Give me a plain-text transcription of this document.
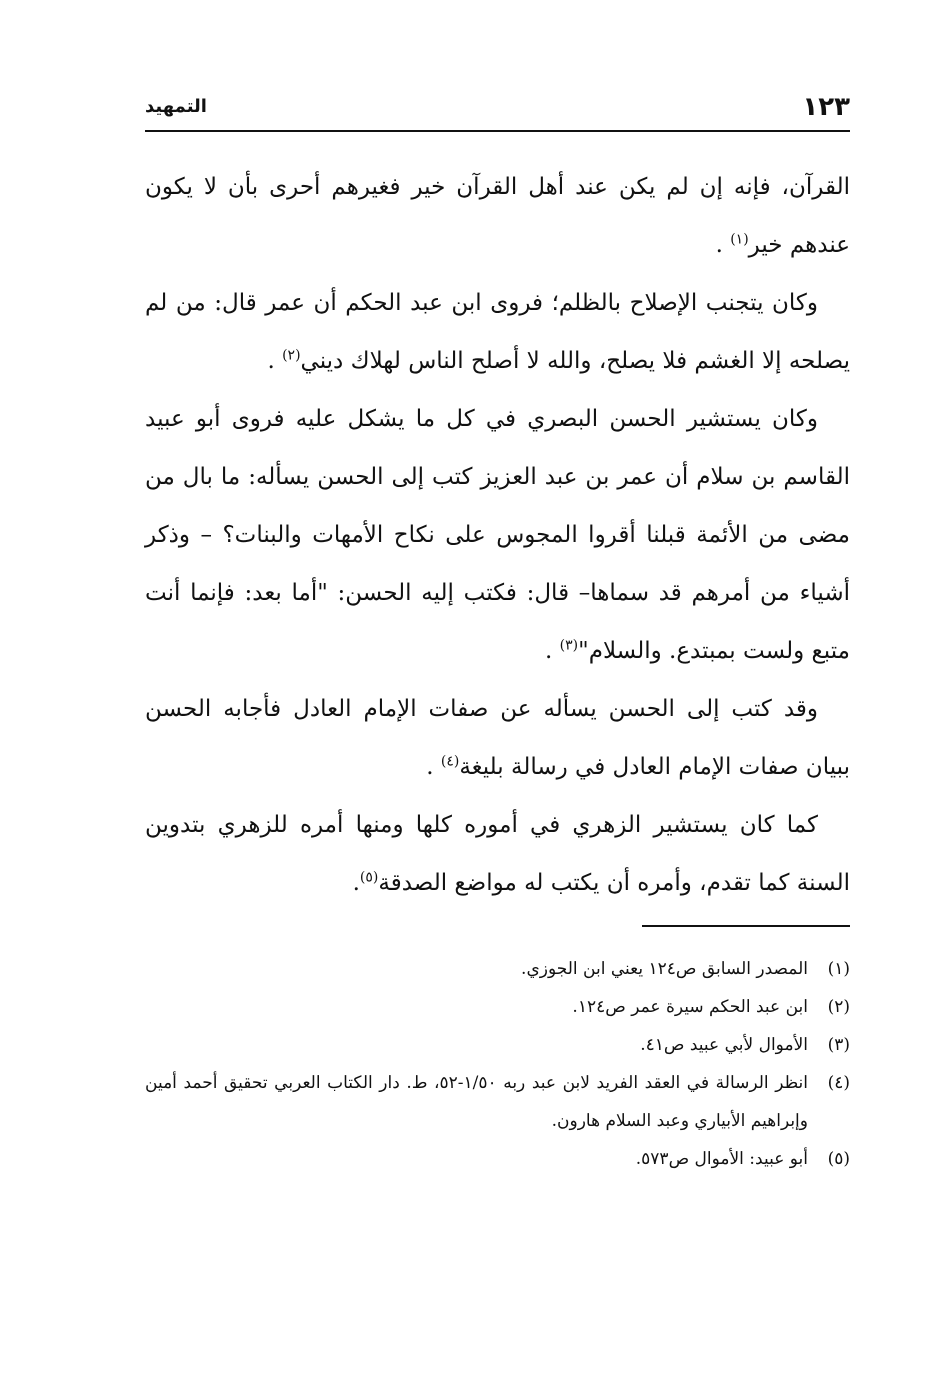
١٢٣
التمهيد

القرآن، فإنه إن لم يكن عند أهل القرآن خير فغيرهم أحرى بأن لا يكون عندهم خير$^{(١)}$ .

وكان يتجنب الإصلاح بالظلم؛ فروى ابن عبد الحكم أن عمر قال: من لم يصلحه إلا الغشم فلا يصلح، والله لا أصلح الناس لهلاك ديني$^{(٢)}$ .

وكان يستشير الحسن البصري في كل ما يشكل عليه فروى أبو عبيد القاسم بن سلام أن عمر بن عبد العزيز كتب إلى الحسن يسأله: ما بال من مضى من الأئمة قبلنا أقروا المجوس على نكاح الأمهات والبنات؟ – وذكر أشياء من أمرهم قد سماها– قال: فكتب إليه الحسن: "أما بعد: فإنما أنت متبع ولست بمبتدع. والسلام"$^{(٣)}$ .

وقد كتب إلى الحسن يسأله عن صفات الإمام العادل فأجابه الحسن ببيان صفات الإمام العادل في رسالة بليغة$^{(٤)}$ .

كما كان يستشير الزهري في أموره كلها ومنها أمره للزهري بتدوين السنة كما تقدم، وأمره أن يكتب له مواضع الصدقة$^{(٥)}$.

(١)
المصدر السابق ص١٢٤ يعني ابن الجوزي.

(٢)
ابن عبد الحكم سيرة عمر ص١٢٤.

(٣)
الأموال لأبي عبيد ص٤١.

(٤)
انظر الرسالة في العقد الفريد لابن عبد ربه ١/٥٠-٥٢، ط. دار الكتاب العربي تحقيق أحمد أمين وإبراهيم الأبياري وعبد السلام هارون.

(٥)
أبو عبيد: الأموال ص٥٧٣.
